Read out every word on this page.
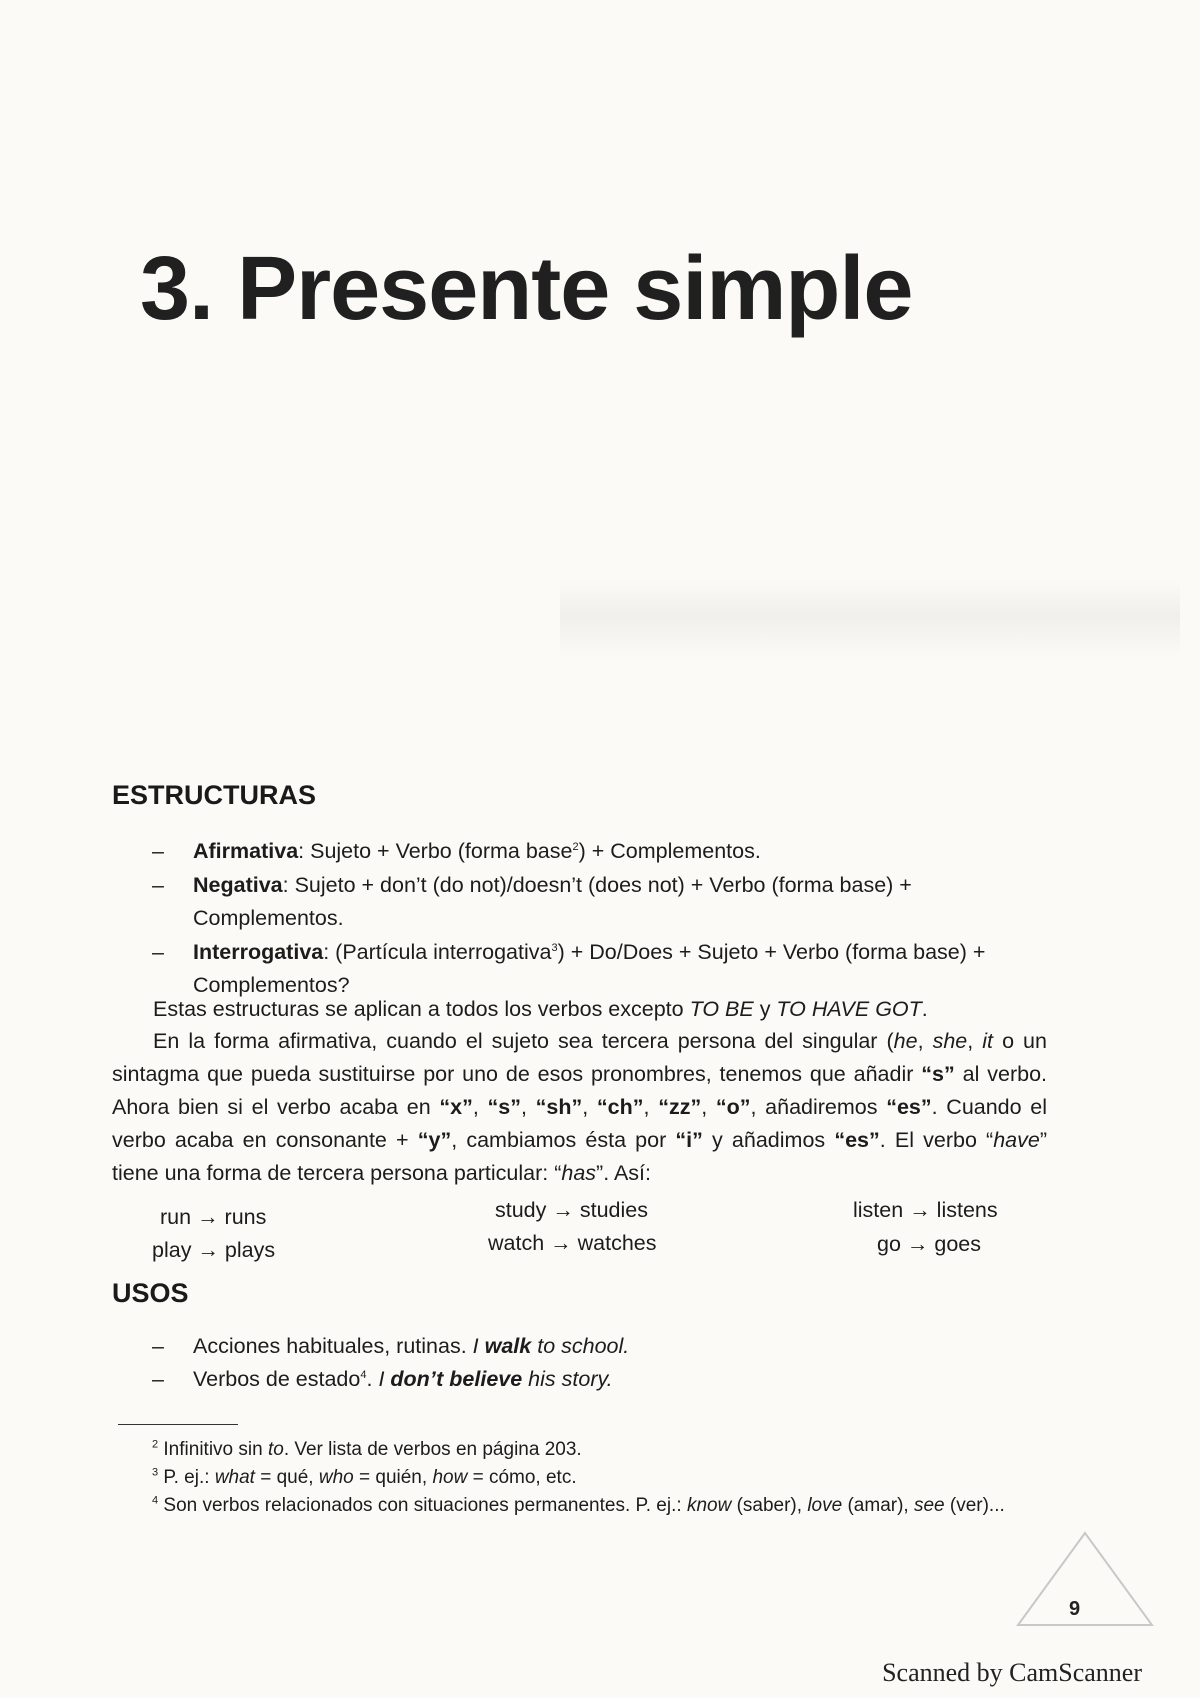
3. Presente simple
ESTRUCTURAS
– Afirmativa: Sujeto + Verbo (forma base$^2$) + Complementos.
– Negativa: Sujeto + don’t (do not)/doesn’t (does not) + Verbo (forma base) + Complementos.
– Interrogativa: (Partícula interrogativa$^3$) + Do/Does + Sujeto + Verbo (forma base) + Complementos?

Estas estructuras se aplican a todos los verbos excepto TO BE y TO HAVE GOT.

En la forma afirmativa, cuando el sujeto sea tercera persona del singular (he, she, it o un sintagma que pueda sustituirse por uno de esos pronombres, tenemos que añadir “s” al verbo. Ahora bien si el verbo acaba en “x”, “s”, “sh”, “ch”, “zz”, “o”, añadiremos “es”. Cuando el verbo acaba en consonante + “y”, cambiamos ésta por “i” y añadimos “es”. El verbo “have” tiene una forma de tercera persona particular: “has”. Así:

run → runs
play → plays
study → studies
watch → watches
listen → listens
go → goes
USOS
– Acciones habituales, rutinas. I walk to school.
– Verbos de estado$^4$. I don’t believe his story.
$^2$ Infinitivo sin to. Ver lista de verbos en página 203.
$^3$ P. ej.: what = qué, who = quién, how = cómo, etc.
$^4$ Son verbos relacionados con situaciones permanentes. P. ej.: know (saber), love (amar), see (ver)...
9
Scanned by CamScanner
